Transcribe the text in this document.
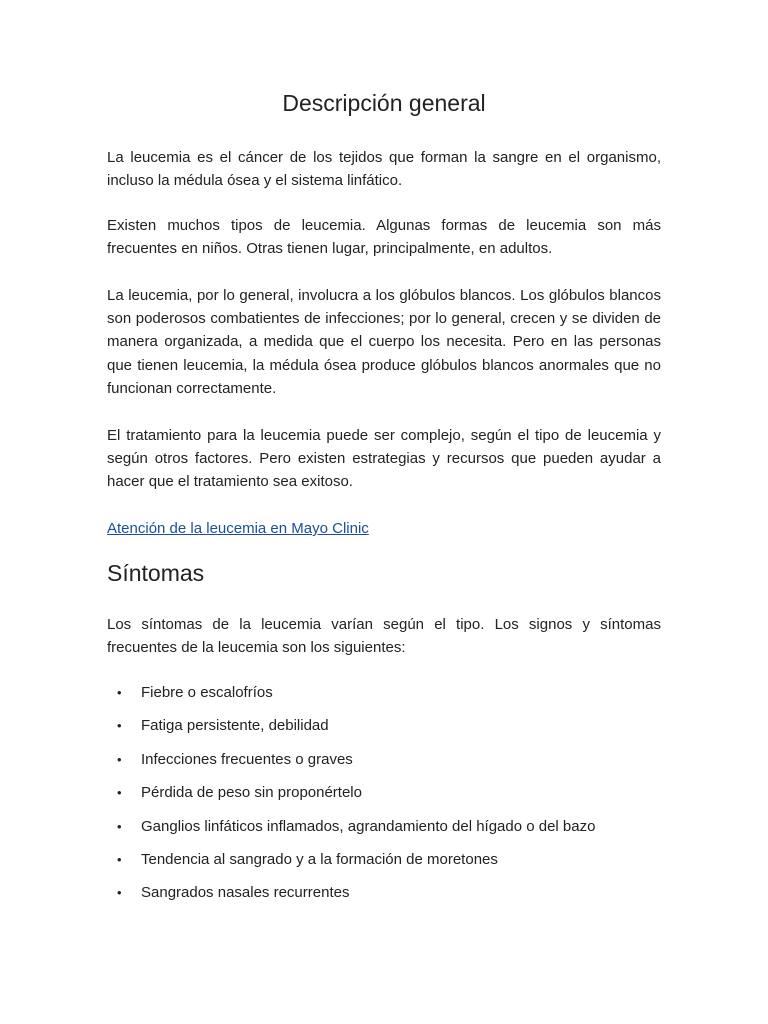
Descripción general

La leucemia es el cáncer de los tejidos que forman la sangre en el organismo, incluso la médula ósea y el sistema linfático.

Existen muchos tipos de leucemia. Algunas formas de leucemia son más frecuentes en niños. Otras tienen lugar, principalmente, en adultos.

La leucemia, por lo general, involucra a los glóbulos blancos. Los glóbulos blancos son poderosos combatientes de infecciones; por lo general, crecen y se dividen de manera organizada, a medida que el cuerpo los necesita. Pero en las personas que tienen leucemia, la médula ósea produce glóbulos blancos anormales que no funcionan correctamente.

El tratamiento para la leucemia puede ser complejo, según el tipo de leucemia y según otros factores. Pero existen estrategias y recursos que pueden ayudar a hacer que el tratamiento sea exitoso.

Atención de la leucemia en Mayo Clinic
Síntomas

Los síntomas de la leucemia varían según el tipo. Los signos y síntomas frecuentes de la leucemia son los siguientes:

• Fiebre o escalofríos
• Fatiga persistente, debilidad
• Infecciones frecuentes o graves
• Pérdida de peso sin proponértelo
• Ganglios linfáticos inflamados, agrandamiento del hígado o del bazo
• Tendencia al sangrado y a la formación de moretones
• Sangrados nasales recurrentes
